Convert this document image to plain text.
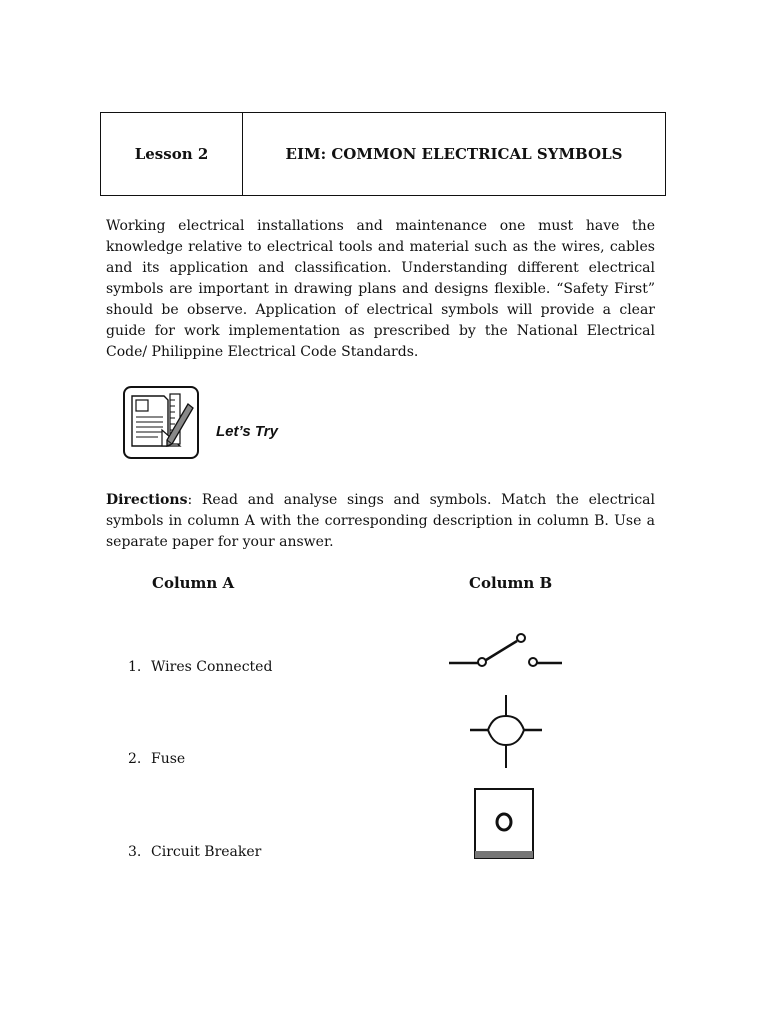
Lesson 2	EIM: COMMON ELECTRICAL SYMBOLS

Working electrical installations and maintenance one must have the knowledge relative to electrical tools and material such as the wires, cables and its application and classification. Understanding different electrical symbols are important in drawing plans and designs flexible. “Safety First” should be observe. Application of electrical symbols will provide a clear guide for work implementation as prescribed by the National Electrical Code/ Philippine Electrical Code Standards.

Let’s Try

Directions: Read and analyse sings and symbols. Match the electrical symbols in column A with the corresponding description in column B. Use a separate paper for your answer.

Column A	Column B
1. Wires Connected
2. Fuse
3. Circuit Breaker
